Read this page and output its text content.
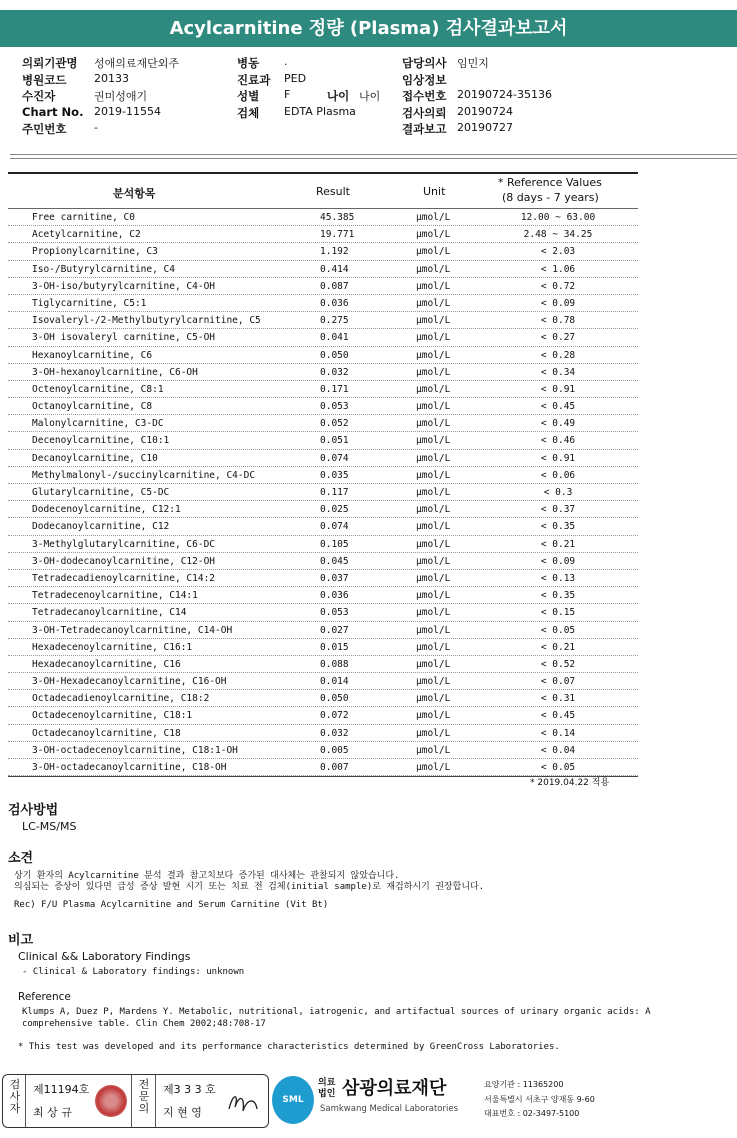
Acylcarnitine 정량 (Plasma) 검사결과보고서
의뢰기관명 성애의료재단외주	병동 .	담당의사 임민지
병원코드	20133	진료과 PED	임상정보
수진자	권미성애기	성별 F	나이 나이 접수번호 20190724-35136
Chart No. 2019-11554	검체 EDTA Plasma	검사의뢰 20190724
주민번호	-	결과보고 20190727
분석항목	Result	Unit
* Reference Values
(8 days - 7 years)
Free carnitine, C0	45.385	μmol/L	12.00 ~ 63.00
Acetylcarnitine, C2	19.771	μmol/L	2.48 ~ 34.25
Propionylcarnitine, C3	1.192	μmol/L	< 2.03
Iso-/Butyrylcarnitine, C4	0.414	μmol/L	< 1.06
3-OH-iso/butyrylcarnitine, C4-OH	0.087	μmol/L	< 0.72
Tiglycarnitine, C5:1	0.036	μmol/L	< 0.09
Isovaleryl-/2-Methylbutyrylcarnitine, C5	0.275	μmol/L	< 0.78
3-OH isovaleryl carnitine, C5-OH	0.041	μmol/L	< 0.27
Hexanoylcarnitine, C6	0.050	μmol/L	< 0.28
3-OH-hexanoylcarnitine, C6-OH	0.032	μmol/L	< 0.34
Octenoylcarnitine, C8:1	0.171	μmol/L	< 0.91
Octanoylcarnitine, C8	0.053	μmol/L	< 0.45
Malonylcarnitine, C3-DC	0.052	μmol/L	< 0.49
Decenoylcarnitine, C10:1	0.051	μmol/L	< 0.46
Decanoylcarnitine, C10	0.074	μmol/L	< 0.91
Methylmalonyl-/succinylcarnitine, C4-DC	0.035	μmol/L	< 0.06
Glutarylcarnitine, C5-DC	0.117	μmol/L	< 0.3
Dodecenoylcarnitine, C12:1	0.025	μmol/L	< 0.37
Dodecanoylcarnitine, C12	0.074	μmol/L	< 0.35
3-Methylglutarylcarnitine, C6-DC	0.105	μmol/L	< 0.21
3-OH-dodecanoylcarnitine, C12-OH	0.045	μmol/L	< 0.09
Tetradecadienoylcarnitine, C14:2	0.037	μmol/L	< 0.13
Tetradecenoylcarnitine, C14:1	0.036	μmol/L	< 0.35
Tetradecanoylcarnitine, C14	0.053	μmol/L	< 0.15
3-OH-Tetradecanoylcarnitine, C14-OH	0.027	μmol/L	< 0.05
Hexadecenoylcarnitine, C16:1	0.015	μmol/L	< 0.21
Hexadecanoylcarnitine, C16	0.088	μmol/L	< 0.52
3-OH-Hexadecanoylcarnitine, C16-OH	0.014	μmol/L	< 0.07
Octadecadienoylcarnitine, C18:2	0.050	μmol/L	< 0.31
Octadecenoylcarnitine, C18:1	0.072	μmol/L	< 0.45
Octadecanoylcarnitine, C18	0.032	μmol/L	< 0.14
3-OH-octadecenoylcarnitine, C18:1-OH	0.005	μmol/L	< 0.04
3-OH-octadecanoylcarnitine, C18-OH	0.007	μmol/L	< 0.05
* 2019.04.22 적용
검사방법
LC-MS/MS
소견
상기 환자의 Acylcarnitine 분석 결과 참고치보다 증가된 대사체는 관찰되지 않았습니다.
의심되는 증상이 있다면 급성 증상 발현 시기 또는 치료 전 검체(initial sample)로 재검하시기 권장합니다.
Rec) F/U Plasma Acylcarnitine and Serum Carnitine (Vit Bt)
비고
Clinical && Laboratory Findings
- Clinical & Laboratory findings: unknown
Reference
Klumps A, Duez P, Mardens Y. Metabolic, nutritional, iatrogenic, and artifactual sources of urinary organic acids: A
comprehensive table. Clin Chem 2002;48:708-17
* This test was developed and its performance characteristics determined by GreenCross Laboratories.
검사자
제11194호
최 상 규
전문의
제3 3 3 호
지 현 영
SML
의료
법인 삼광의료재단
Samkwang Medical Laboratories
요양기관 : 11365200
서울특별시 서초구 양재동 9-60
대표번호 : 02-3497-5100
